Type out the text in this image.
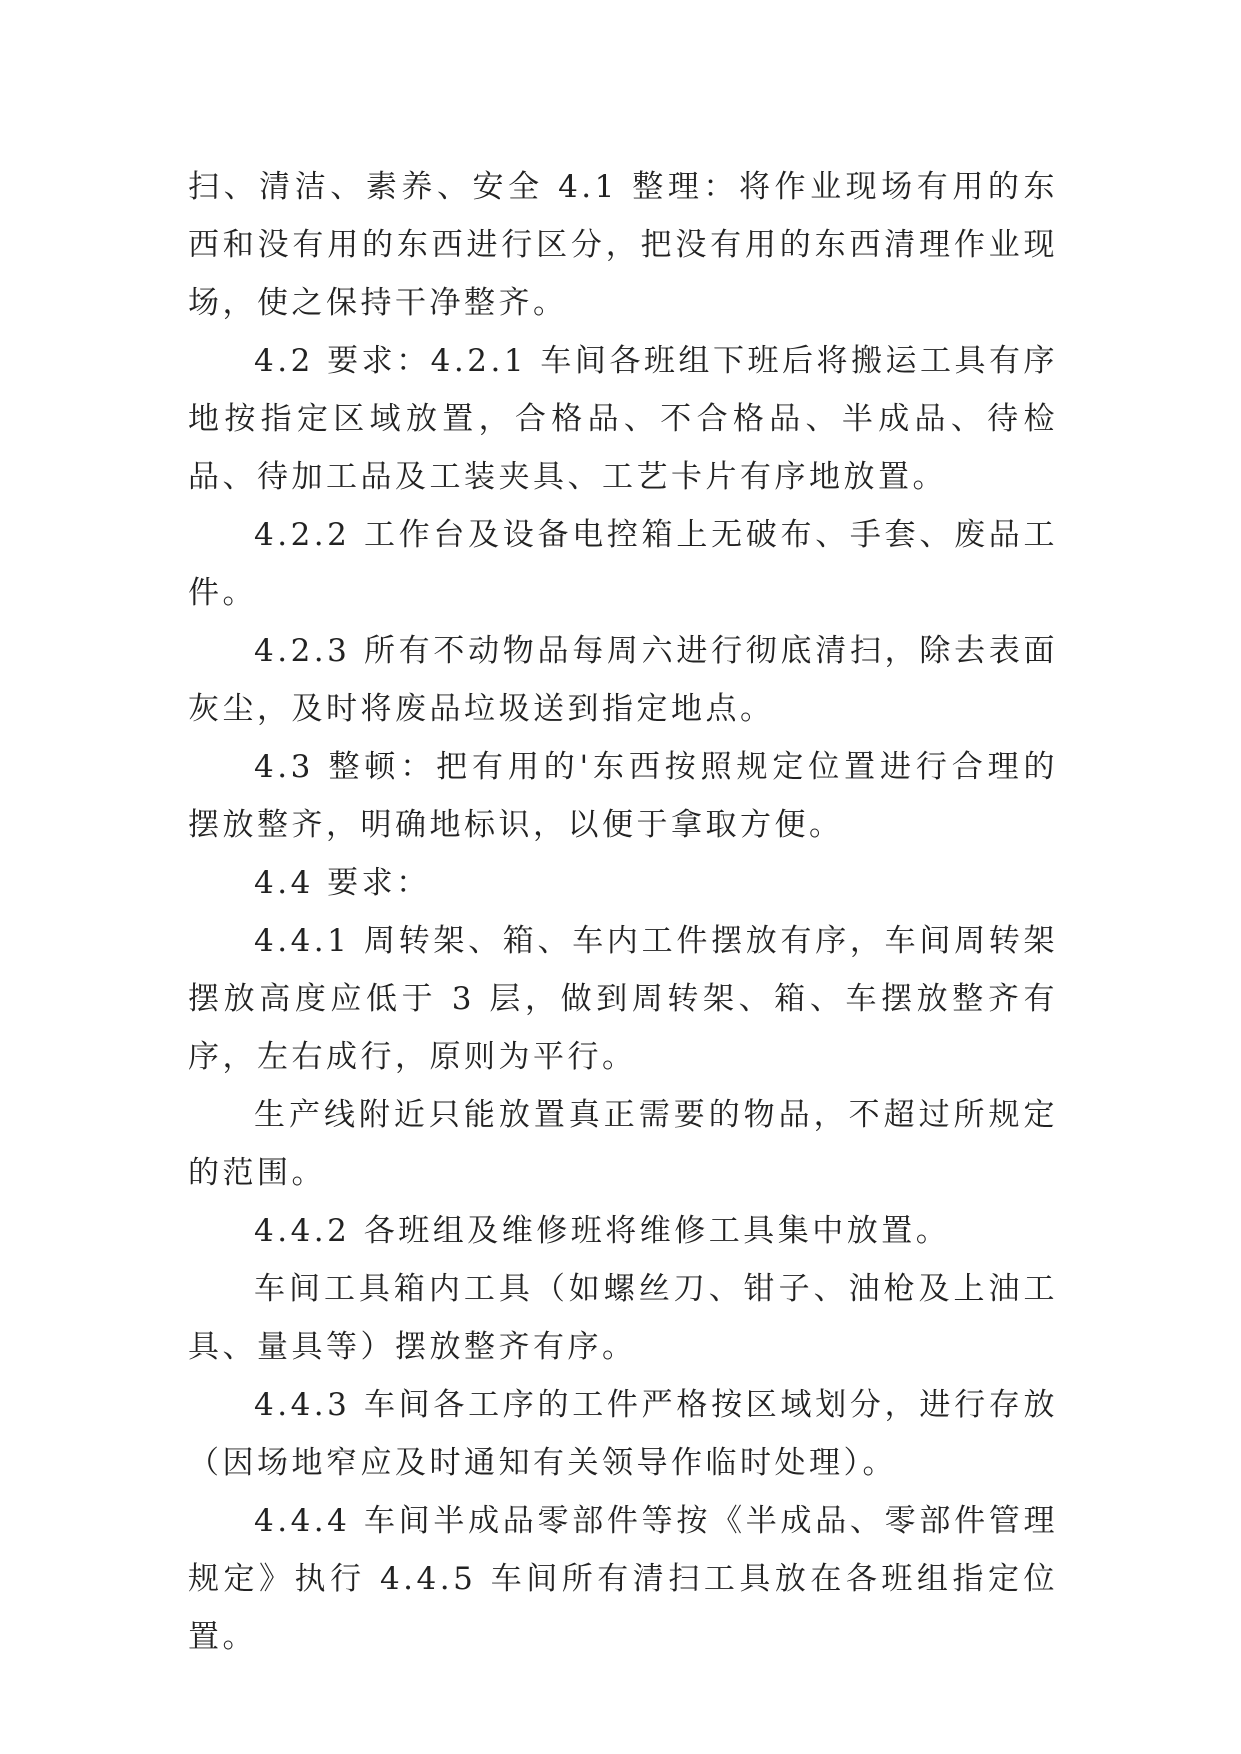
扫、清洁、素养、安全 4.1 整理：将作业现场有用的东西和没有用的东西进行区分，把没有用的东西清理作业现场，使之保持干净整齐。

4.2 要求：4.2.1 车间各班组下班后将搬运工具有序地按指定区域放置，合格品、不合格品、半成品、待检品、待加工品及工装夹具、工艺卡片有序地放置。

4.2.2 工作台及设备电控箱上无破布、手套、废品工件。

4.2.3 所有不动物品每周六进行彻底清扫，除去表面灰尘，及时将废品垃圾送到指定地点。

4.3 整顿：把有用的'东西按照规定位置进行合理的摆放整齐，明确地标识，以便于拿取方便。

4.4 要求：

4.4.1 周转架、箱、车内工件摆放有序，车间周转架摆放高度应低于 3 层，做到周转架、箱、车摆放整齐有序，左右成行，原则为平行。

生产线附近只能放置真正需要的物品，不超过所规定的范围。

4.4.2 各班组及维修班将维修工具集中放置。

车间工具箱内工具（如螺丝刀、钳子、油枪及上油工具、量具等）摆放整齐有序。

4.4.3 车间各工序的工件严格按区域划分，进行存放（因场地窄应及时通知有关领导作临时处理）。

4.4.4 车间半成品零部件等按《半成品、零部件管理规定》执行 4.4.5 车间所有清扫工具放在各班组指定位置。
